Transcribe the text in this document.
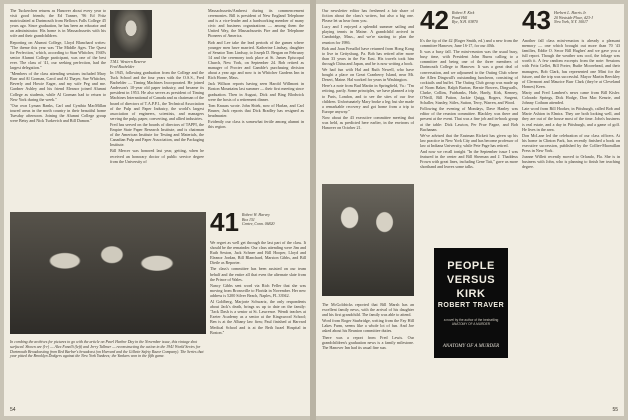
The Tuckerchen returns as Hanover about every year to visit good friends; the Ed Tanner, '96 Ed Fritz matriculated at Dartmouth from Bellows Falls College 45 years ago. Since graduation, he has been an educator and an administrator. His home is in Massachusetts with his wife and their grandchildren.

Reporting on Alumni College, Lloyd Blanchard writes: "The theme this year was 'The Middle Ages. The Quest for Perfection,' which, according to Stan Whitcher, 1940's senior Alumni College participant, was one of the best ever. The class of '41, our seeking perfection, had the largest delegation."

"Members of the class attending sessions included Mary Burr and Al Gorman, Carol and Al Thayer, Sue Whitcher, Beverly and Howie Eager, and my wife Peg and me. Gardner Ashley and his friend Eleanor joined Alumni College as students, while Al Gorman had to return to New York during the week."

"Our own Lyman Banks, Carl and Cynthia MacMillan toured areas in the north country in their beautiful home Tuesday afternoon. Joining the Alumni College group were Betsy and Nick Turkevich and Bill Damon."

T.M.I. Western Reserve Fred Bachelder

In 1945, following graduation from the College and the Tuck School and the four years with the O.S.S., Fred Bachelder — Timing Machines Incorporated. He joined Anderson's 10-year old paper industry, and became its president in 1953. He also serves as president of Timing Machines International of Canada and as chairman of the board of directors of T.A.P.P.I., the Technical Association of the Pulp and Paper Industry, the world's largest association of engineers, scientists, and managers serving the pulp, paper, converting, and allied industries.

Fred has served on the boards of directors of TAPPI, the Empire State Paper Research Institute, and is chairman of the American Institute for Testing and Materials, the Canadian Pulp and Paper Association, and the Packaging Institute.

Bill Mercer was honored last year, getting, when he received an honorary doctor of public service degree from the University of

Massachusetts/Amherst during its commencement ceremonies. Bill is president of New England Telephone and is a vice-leader and a hardworking member of many civic and business organizations — among them the United Way, the Massachusetts Fire and the Telephone Pioneers of America.

Bob and Lee take the lead periods of the games where younger men have married. Katherine Lindsay, daughter of Senator Tom Lindsay, to Joseph D. Bergan on February 14 and the ceremony took place at St. James Episcopal Church, New York, on September 24. Bob retired as manager of Procter and Gamble's purchasing division about a year ago and now is in Whitcher Gardens Inn in Rich Horne, Mass.

Jack Willson reports having seen Harold Willmont in Boston Mountains last summer — their first meeting since graduation. Then in August, Dick and Bing Blodwick were the hosts of a retirement dinner.

Tom Knauss wrote. John Shiek, now of Harlan, and Carl Bruner, Jack reports that Dick Bradley has resigned as headmaster.

Evidently our class is somewhat fertile among alumni in this region.

In combing the archives for pictures to go with the article on Pearl Harbor Day in the November issue, this vintage shot surfaced. Shown are (l-r) — Alex Fanelli (left) and Jerry Tallmer — reconstructing the action in the 1941 World Series for Dartmouth Broadcasting from Red Barber's broadcast (on Harvard and the Gillette Safety Razor Company). The Series that year pitted the Brooklyn Dodgers against the New York Yankees; the Yankees won in the fifth game.
41 Robert W. Harvey
Box 151
Centre, Conn. 06820

We regret as well get through the last part of the class. It should be the remainder. Our class attending were Jim and Ruth Sexton, Jack Schnee and Bill Hooper, Lloyd and Eleanor Jordan, Bill Blanchard, Marston Gibbs, and Bill Dietle as Reporter.

The class's committee has been assisted on our team behalf and the entire all that even the alternate slate from the Prince of Wales.

Nancy Gibbs sent word via Rich Feller that she was moving from Bronxville to Florida in November. Her new address is 5200 Silver Beach, Naples, FL 33942.

Al Goldberg, Marjorie Schwartz, the only respondents about Jack's death, brings us up to date on the family: "Jack Dash is a senior at St. Lawrence. Wendi teaches at Exeter Academy as a senior at the Kingswood School; Ben is at the Albany law firm; Paul finished at Harvard Medical School and is at the Beth Israel Hospital in Boston."

54

Our newsletter editor has freshened a fair share of fiction about the class's writers, but also a big one. Please let us hear from you.

Lucy and I enjoyed a splendid summer sailing and playing tennis in Maine. A grandchild arrived in Cambridge, Mass., and we're starting to plan the reunion for 1986.

Bob and Joan Freudlof have returned from Hong Kong to live in Gettysburg, Pa. Bob has retired after more than 33 years in the Far East. His travels took him through China and Japan, and he is now writing a book.

We had fun with Hal and Ruth Newell, who have bought a place on Great Cranberry Island, near Mt. Desert, Maine. Hal worked for years in Washington.

Here's a note from Bud Martin in Springfield, Va.: "I'm retiring, partly. Some principles, we have planned a trip to Paris, London, and to see the sites of our five children. Unfortunately Mary broke a leg; but she made a remarkable recovery and got home from a trip to Europe anyway."

Now about the 43 executive committee meeting that was held, as predicted here earlier, in the environs of Hanover on October 21.

The McGoldricks reported that Bill Marsh has an excellent family news, with the arrival of his daughter and his first grandchild. The family was able to attend.

Word from Roger Sturbridge, writing from the Fay Hill Lakes Farm, seems like a whole lot of fun. And Joe asked about his Reunion committee duties.

There was a report from Fred Lewis. Our grandchildren's graduation news is a family milestone. The Hanover Inn had its usual fine sun.

42 Robert F. Kirk
Pond Hill
Rye, N.H. 03870

It's the tip of the 42 (Roger Smith, ed.) and a new from the committee Hanover, June 16-17, for our 40th.

It was a busy fall. The mini-reunion was the usual busy, busy time, with President John Burns calling to a committee and being one of the three members of Dartmouth College to Hanover. It was a great deal of conversation, and we adjourned to the Outing Club where the Allen Dingwall's outstanding luncheon, consisting of cocktails and buffet. The Outing Club group was made up of Norm Baker, Ralph Burton, Bernie Bowers, Dingwalls, Clarke, Collins, Fairbanks, Hale, Hardy, Kirk, Kenney, O'Neill, Bill Patton, Jackie Quigg, Rogers, Sargent, Schaller, Stanley, Stiles, Sutton, Terry, Warren, and Wood.

Following the evening of Mondays, Dave Hanley was editor of the reunion committee. Blackley was there and present at the event. That was a fine job and in-book group at the table: Dick Lawton, Per Prue Pagne, and Bob Buchanan.

We've advised that the Eastman Rickett has given up his law practice in New York City and has become professor of law at Indiana University, while Pete Page has retired.

And now we recall tonight "In the September issue I was featured in the center and Bill Sherman and J. Thaddeus Frown with great lines, including Gene Tait," gave us more shorthand and leaves some talks.

PEOPLE
VERSUS
KIRK
ROBERT TRAVER
a novel by the author of the bestselling ANATOMY OF A MURDER
ANATOMY OF A MURDER
43 Herbert L. Harris Jr.
20 Westside Place, #23-J
New York, N.Y. 10017

Another fall class mini-reunion is already a pleasant memory — one which brought out more than 70 '43 families, Eddie O. Secor Bill Hughes' and we gave you a full report. Though the weather was cool, the foliage was worth it. A few random excerpts from the note: Sessions with Fritz Gellet, Bill Porter, Budie Moorehead, and their managers, Bob Clark, has represented one Mini for the future, and the trip was successful. Mayor Martin Beeckley of Clermont and Maurice Burr Clark (they're at Cleveland Homes) Keen.

Marty and Fred Lambert's news came from Bill Kisler. Colorado Springs, Dick Hodge, Don Mac Kenzie, and Johnny Cothran attended.

Late word from Bill Hooker, in Pittsburgh, called Bob and Marie Ashton in Elmira. They are both looking well, and they are out of the house most of the time. John's business is real estate, and a day in Pittsburgh, and a game of golf. He lives in the area.

Don McLane led the celebration of our class officers. At his home in Clinton Park, has recently finished a book on executive succession, published by the Collier-Macmillan Press in New York.

Joanne Willett recently moved to Orlando, Fla. She is in business with John, who is planning to finish her teaching degree.

55
